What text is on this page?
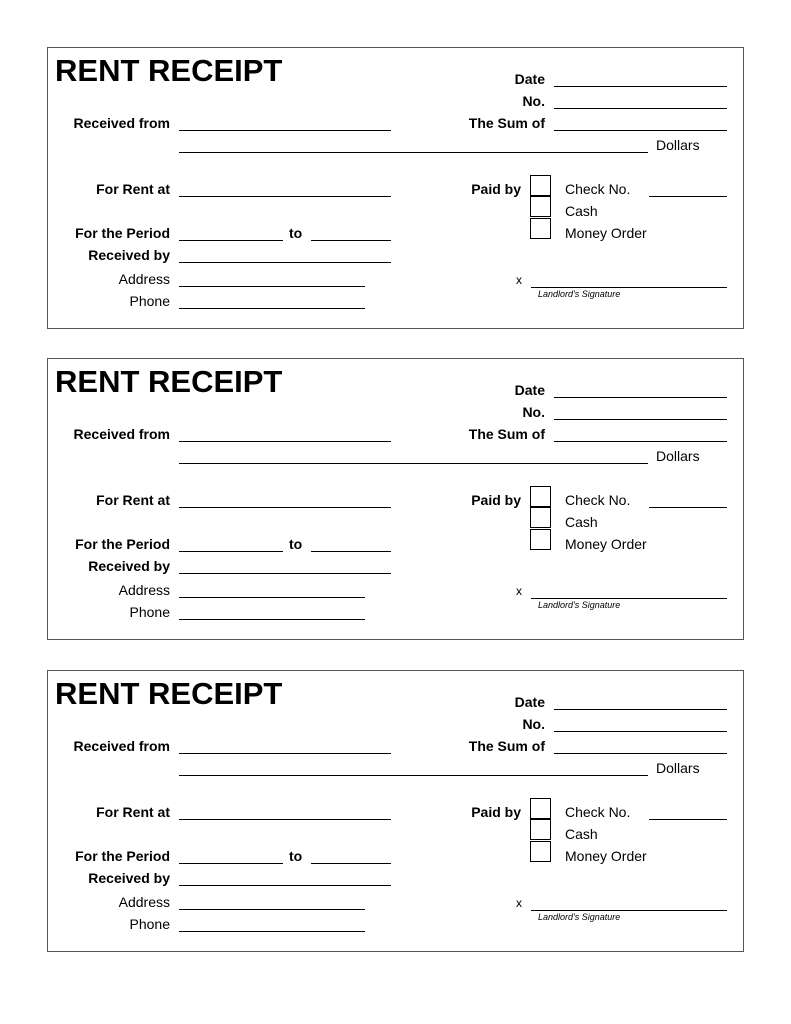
RENT RECEIPT	Date
No.
Received from	The Sum of
Dollars
For Rent at	Paid by	Check No.
Cash
Money Order
For the Period	to
Received by
Address
Phone
x
Landlord's Signature
RENT RECEIPT	Date
No.
Received from	The Sum of
Dollars
For Rent at	Paid by	Check No.
Cash
Money Order
For the Period	to
Received by
Address
Phone
x
Landlord's Signature
RENT RECEIPT	Date
No.
Received from	The Sum of
Dollars
For Rent at	Paid by	Check No.
Cash
Money Order
For the Period	to
Received by
Address
Phone
x
Landlord's Signature
